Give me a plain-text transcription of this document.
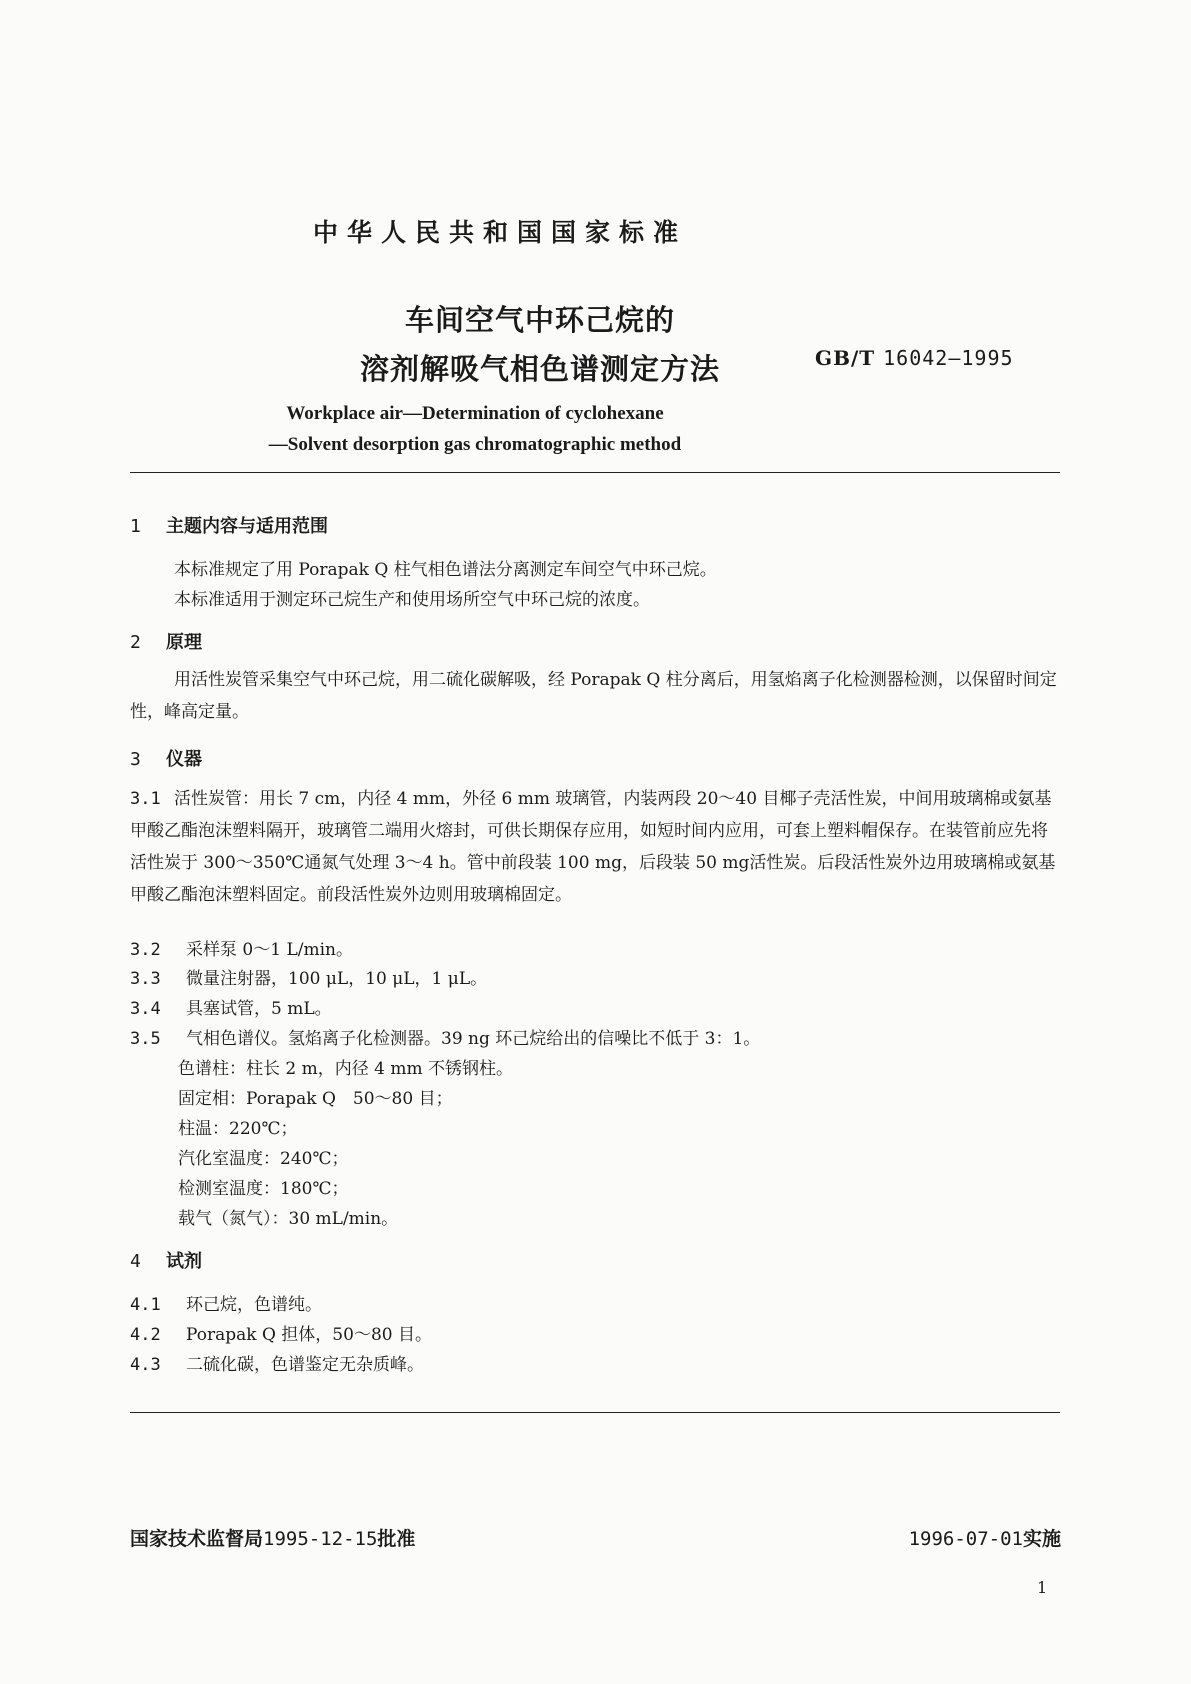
中华人民共和国国家标准
车间空气中环己烷的
溶剂解吸气相色谱测定方法	GB/T 16042—1995
Workplace air—Determination of cyclohexane
—Solvent desorption gas chromatographic method
1 主题内容与适用范围
本标准规定了用 Porapak Q 柱气相色谱法分离测定车间空气中环己烷。
本标准适用于测定环己烷生产和使用场所空气中环己烷的浓度。
2 原理
用活性炭管采集空气中环己烷，用二硫化碳解吸，经 Porapak Q 柱分离后，用氢焰离子化检测器检测，以保留时间定性，峰高定量。
3 仪器
3.1 活性炭管：用长 7 cm，内径 4 mm，外径 6 mm 玻璃管，内装两段 20～40 目椰子壳活性炭，中间用玻璃棉或氨基甲酸乙酯泡沫塑料隔开，玻璃管二端用火熔封，可供长期保存应用，如短时间内应用，可套上塑料帽保存。在装管前应先将活性炭于 300～350℃通氮气处理 3～4 h。管中前段装 100 mg，后段装 50 mg活性炭。后段活性炭外边用玻璃棉或氨基甲酸乙酯泡沫塑料固定。前段活性炭外边则用玻璃棉固定。
3.2 采样泵 0～1 L/min。
3.3 微量注射器，100 μL，10 μL，1 μL。
3.4 具塞试管，5 mL。
3.5 气相色谱仪。氢焰离子化检测器。39 ng 环己烷给出的信噪比不低于 3：1。
色谱柱：柱长 2 m，内径 4 mm 不锈钢柱。
固定相：Porapak Q　50～80 目；
柱温：220℃；
汽化室温度：240℃；
检测室温度：180℃；
载气（氮气）：30 mL/min。
4 试剂
4.1 环己烷，色谱纯。
4.2 Porapak Q 担体，50～80 目。
4.3 二硫化碳，色谱鉴定无杂质峰。
国家技术监督局1995-12-15批准	1996-07-01实施
1
